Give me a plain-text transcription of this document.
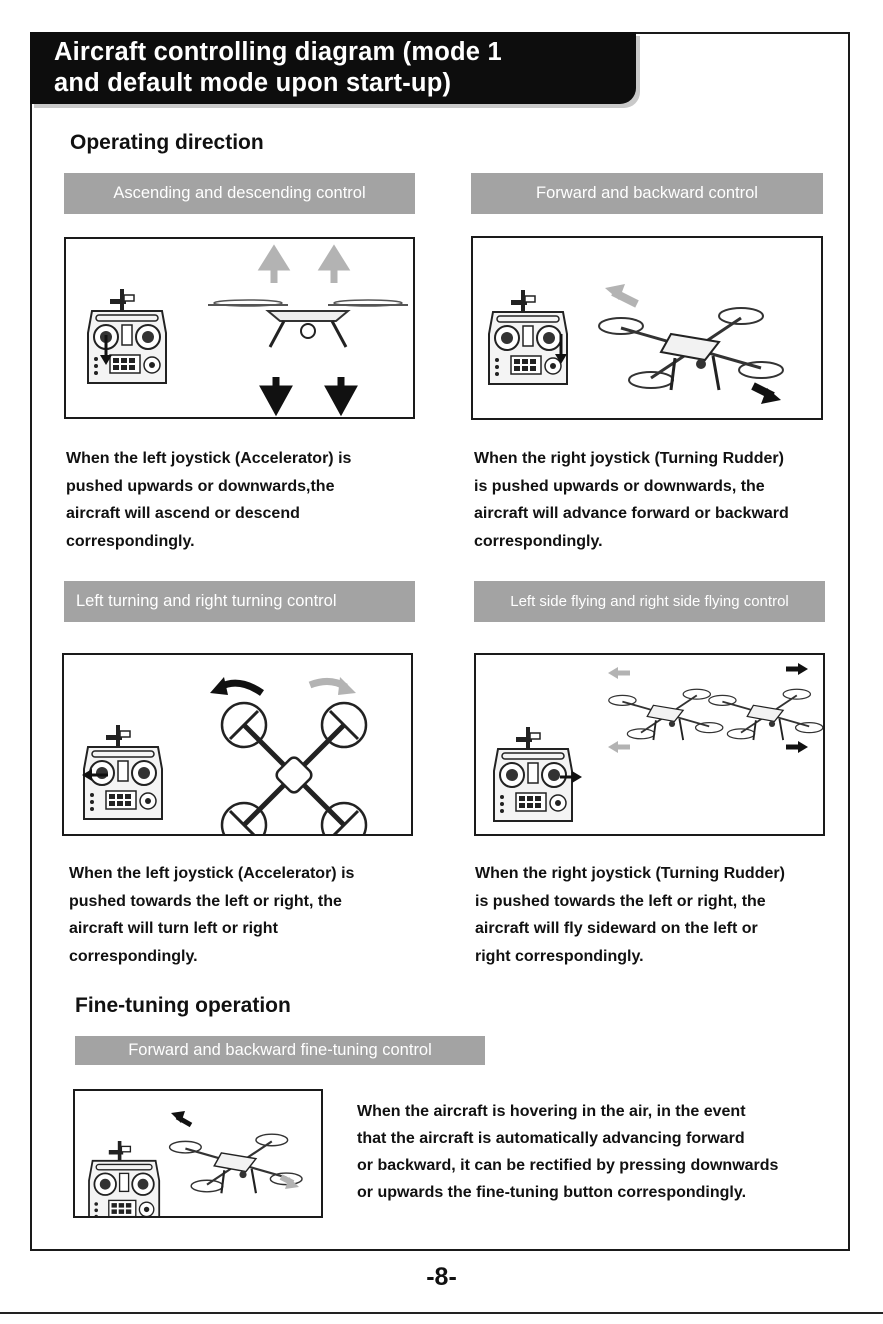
Aircraft controlling diagram (mode 1
and default mode upon start-up)
Operating direction
Ascending and descending control
When the left joystick (Accelerator) is
pushed upwards or downwards,the
aircraft will ascend or descend
correspondingly.
Forward and backward control
When the right joystick (Turning Rudder)
is pushed upwards or downwards, the
aircraft will advance forward or backward
correspondingly.
Left turning and right turning control
When the left joystick (Accelerator) is
pushed towards the left or right, the
aircraft will turn left or right
correspondingly.
Left side flying and right side flying control
When the right joystick (Turning Rudder)
is pushed towards the left or right, the
aircraft will fly sideward on the left or
right correspondingly.
Fine-tuning operation
Forward and backward fine-tuning control
When the aircraft is hovering in the air, in the event
that the aircraft is automatically advancing forward
or backward, it can be rectified by pressing downwards
or upwards the fine-tuning button correspondingly.
-8-
